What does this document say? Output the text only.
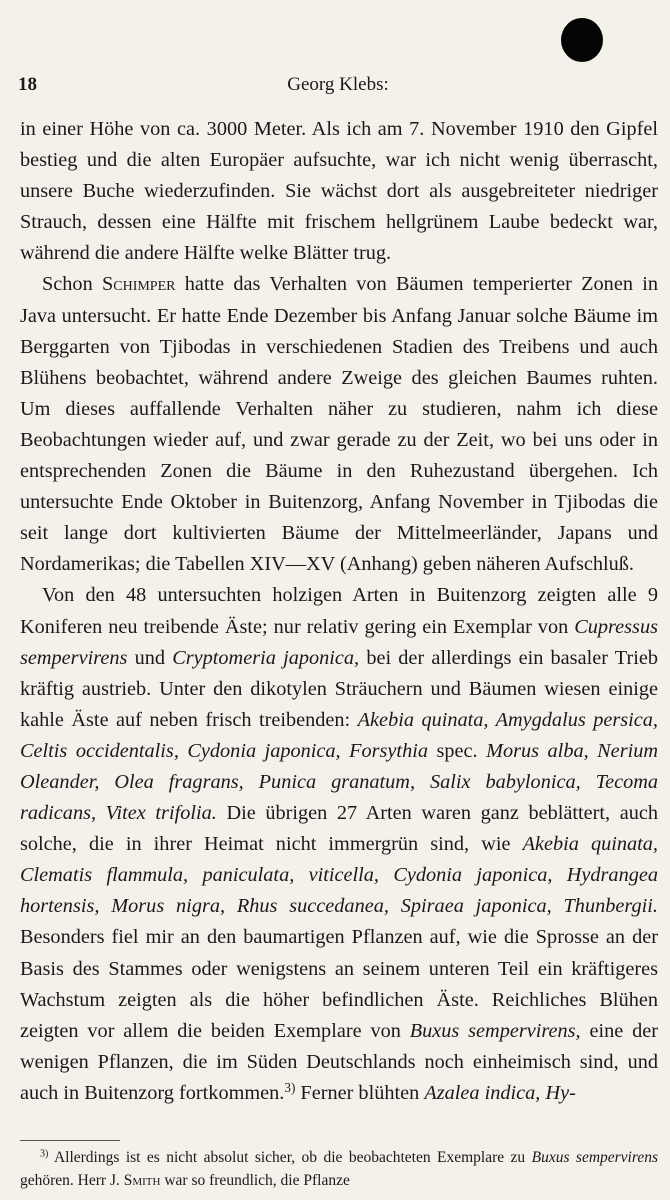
18	Georg Klebs:

in einer Höhe von ca. 3000 Meter. Als ich am 7. November 1910 den Gipfel bestieg und die alten Europäer aufsuchte, war ich nicht wenig überrascht, unsere Buche wiederzufinden. Sie wächst dort als ausgebreiteter niedriger Strauch, dessen eine Hälfte mit frischem hellgrünem Laube bedeckt war, während die andere Hälfte welke Blätter trug.

Schon Schimper hatte das Verhalten von Bäumen temperierter Zonen in Java untersucht. Er hatte Ende Dezember bis Anfang Januar solche Bäume im Berggarten von Tjibodas in verschiedenen Stadien des Treibens und auch Blühens beobachtet, während andere Zweige des gleichen Baumes ruhten. Um dieses auffallende Verhalten näher zu studieren, nahm ich diese Beobachtungen wieder auf, und zwar gerade zu der Zeit, wo bei uns oder in entsprechenden Zonen die Bäume in den Ruhezustand übergehen. Ich untersuchte Ende Oktober in Buitenzorg, Anfang November in Tjibodas die seit lange dort kultivierten Bäume der Mittelmeerländer, Japans und Nordamerikas; die Tabellen XIV—XV (Anhang) geben näheren Aufschluß.

Von den 48 untersuchten holzigen Arten in Buitenzorg zeigten alle 9 Koniferen neu treibende Äste; nur relativ gering ein Exemplar von Cupressus sempervirens und Cryptomeria japonica, bei der allerdings ein basaler Trieb kräftig austrieb. Unter den dikotylen Sträuchern und Bäumen wiesen einige kahle Äste auf neben frisch treibenden: Akebia quinata, Amygdalus persica, Celtis occidentalis, Cydonia japonica, Forsythia spec. Morus alba, Nerium Oleander, Olea fragrans, Punica granatum, Salix babylonica, Tecoma radicans, Vitex trifolia. Die übrigen 27 Arten waren ganz beblättert, auch solche, die in ihrer Heimat nicht immergrün sind, wie Akebia quinata, Clematis flammula, paniculata, viticella, Cydonia japonica, Hydrangea hortensis, Morus nigra, Rhus succedanea, Spiraea japonica, Thunbergii. Besonders fiel mir an den baumartigen Pflanzen auf, wie die Sprosse an der Basis des Stammes oder wenigstens an seinem unteren Teil ein kräftigeres Wachstum zeigten als die höher befindlichen Äste. Reichliches Blühen zeigten vor allem die beiden Exemplare von Buxus sempervirens, eine der wenigen Pflanzen, die im Süden Deutschlands noch einheimisch sind, und auch in Buitenzorg fortkommen.$^{3)}$ Ferner blühten Azalea indica, Hy-

$^{3)}$ Allerdings ist es nicht absolut sicher, ob die beobachteten Exemplare zu Buxus sempervirens gehören. Herr J. Smith war so freundlich, die Pflanze
